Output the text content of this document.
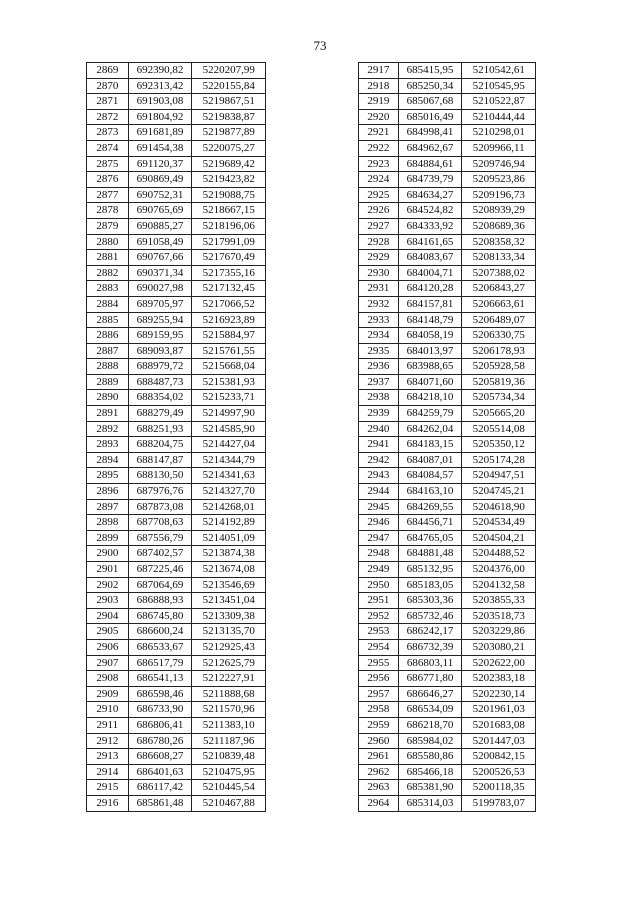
73
2869	692390,82	5220207,99
2870	692313,42	5220155,84
2871	691903,08	5219867,51
2872	691804,92	5219838,87
2873	691681,89	5219877,89
2874	691454,38	5220075,27
2875	691120,37	5219689,42
2876	690869,49	5219423,82
2877	690752,31	5219088,75
2878	690765,69	5218667,15
2879	690885,27	5218196,06
2880	691058,49	5217991,09
2881	690767,66	5217670,49
2882	690371,34	5217355,16
2883	690027,98	5217132,45
2884	689705,97	5217066,52
2885	689255,94	5216923,89
2886	689159,95	5215884,97
2887	689093,87	5215761,55
2888	688979,72	5215668,04
2889	688487,73	5215381,93
2890	688354,02	5215233,71
2891	688279,49	5214997,90
2892	688251,93	5214585,90
2893	688204,75	5214427,04
2894	688147,87	5214344,79
2895	688130,50	5214341,63
2896	687976,76	5214327,70
2897	687873,08	5214268,01
2898	687708,63	5214192,89
2899	687556,79	5214051,09
2900	687402,57	5213874,38
2901	687225,46	5213674,08
2902	687064,69	5213546,69
2903	686888,93	5213451,04
2904	686745,80	5213309,38
2905	686600,24	5213135,70
2906	686533,67	5212925,43
2907	686517,79	5212625,79
2908	686541,13	5212227,91
2909	686598,46	5211888,68
2910	686733,90	5211570,96
2911	686806,41	5211383,10
2912	686780,26	5211187,96
2913	686608,27	5210839,48
2914	686401,63	5210475,95
2915	686117,42	5210445,54
2916	685861,48	5210467,88
2917	685415,95	5210542,61
2918	685250,34	5210545,95
2919	685067,68	5210522,87
2920	685016,49	5210444,44
2921	684998,41	5210298,01
2922	684962,67	5209966,11
2923	684884,61	5209746,94
2924	684739,79	5209523,86
2925	684634,27	5209196,73
2926	684524,82	5208939,29
2927	684333,92	5208689,36
2928	684161,65	5208358,32
2929	684083,67	5208133,34
2930	684004,71	5207388,02
2931	684120,28	5206843,27
2932	684157,81	5206663,61
2933	684148,79	5206489,07
2934	684058,19	5206330,75
2935	684013,97	5206178,93
2936	683988,65	5205928,58
2937	684071,60	5205819,36
2938	684218,10	5205734,34
2939	684259,79	5205665,20
2940	684262,04	5205514,08
2941	684183,15	5205350,12
2942	684087,01	5205174,28
2943	684084,57	5204947,51
2944	684163,10	5204745,21
2945	684269,55	5204618,90
2946	684456,71	5204534,49
2947	684765,05	5204504,21
2948	684881,48	5204488,52
2949	685132,95	5204376,00
2950	685183,05	5204132,58
2951	685303,36	5203855,33
2952	685732,46	5203518,73
2953	686242,17	5203229,86
2954	686732,39	5203080,21
2955	686803,11	5202622,00
2956	686771,80	5202383,18
2957	686646,27	5202230,14
2958	686534,09	5201961,03
2959	686218,70	5201683,08
2960	685984,02	5201447,03
2961	685580,86	5200842,15
2962	685466,18	5200526,53
2963	685381,90	5200118,35
2964	685314,03	5199783,07
